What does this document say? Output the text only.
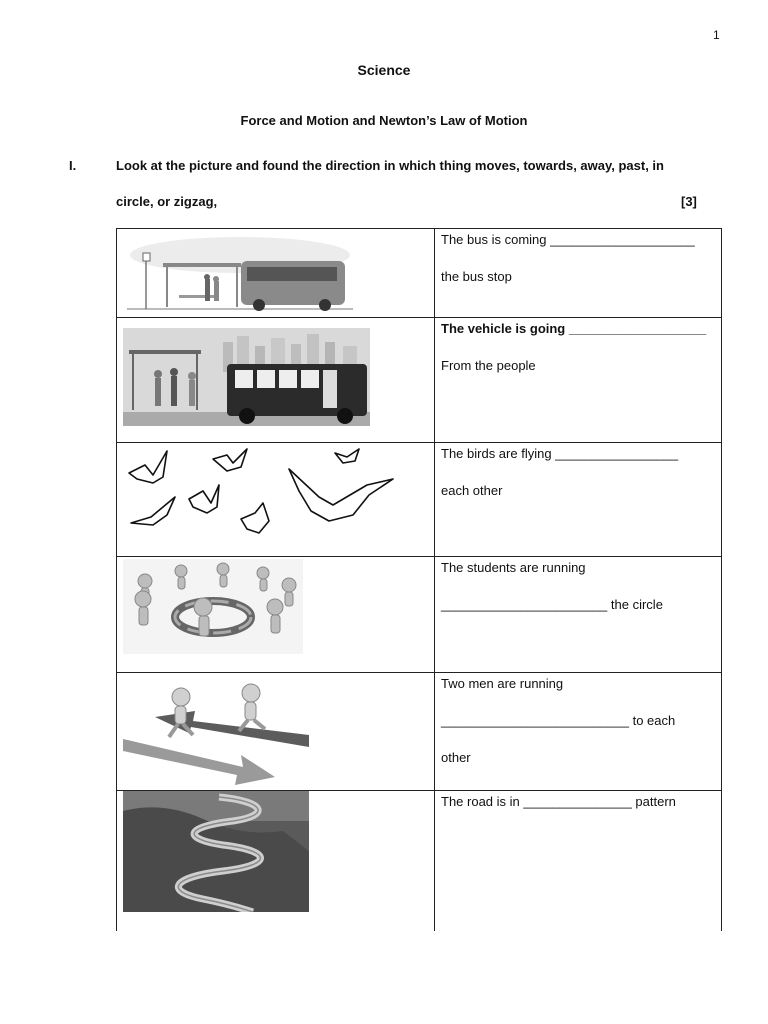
1
Science
Force and Motion and Newton’s Law of Motion
I.	Look at the picture and found the direction in which thing moves, towards, away, past, in
circle, or zigzag,	[3]

The bus is coming ____________________
the bus stop

The vehicle is going ___________________
From the people

The birds are flying _________________
each other

The students are running
_______________________ the circle

Two men are running
__________________________ to each
other

The road is in _______________ pattern
